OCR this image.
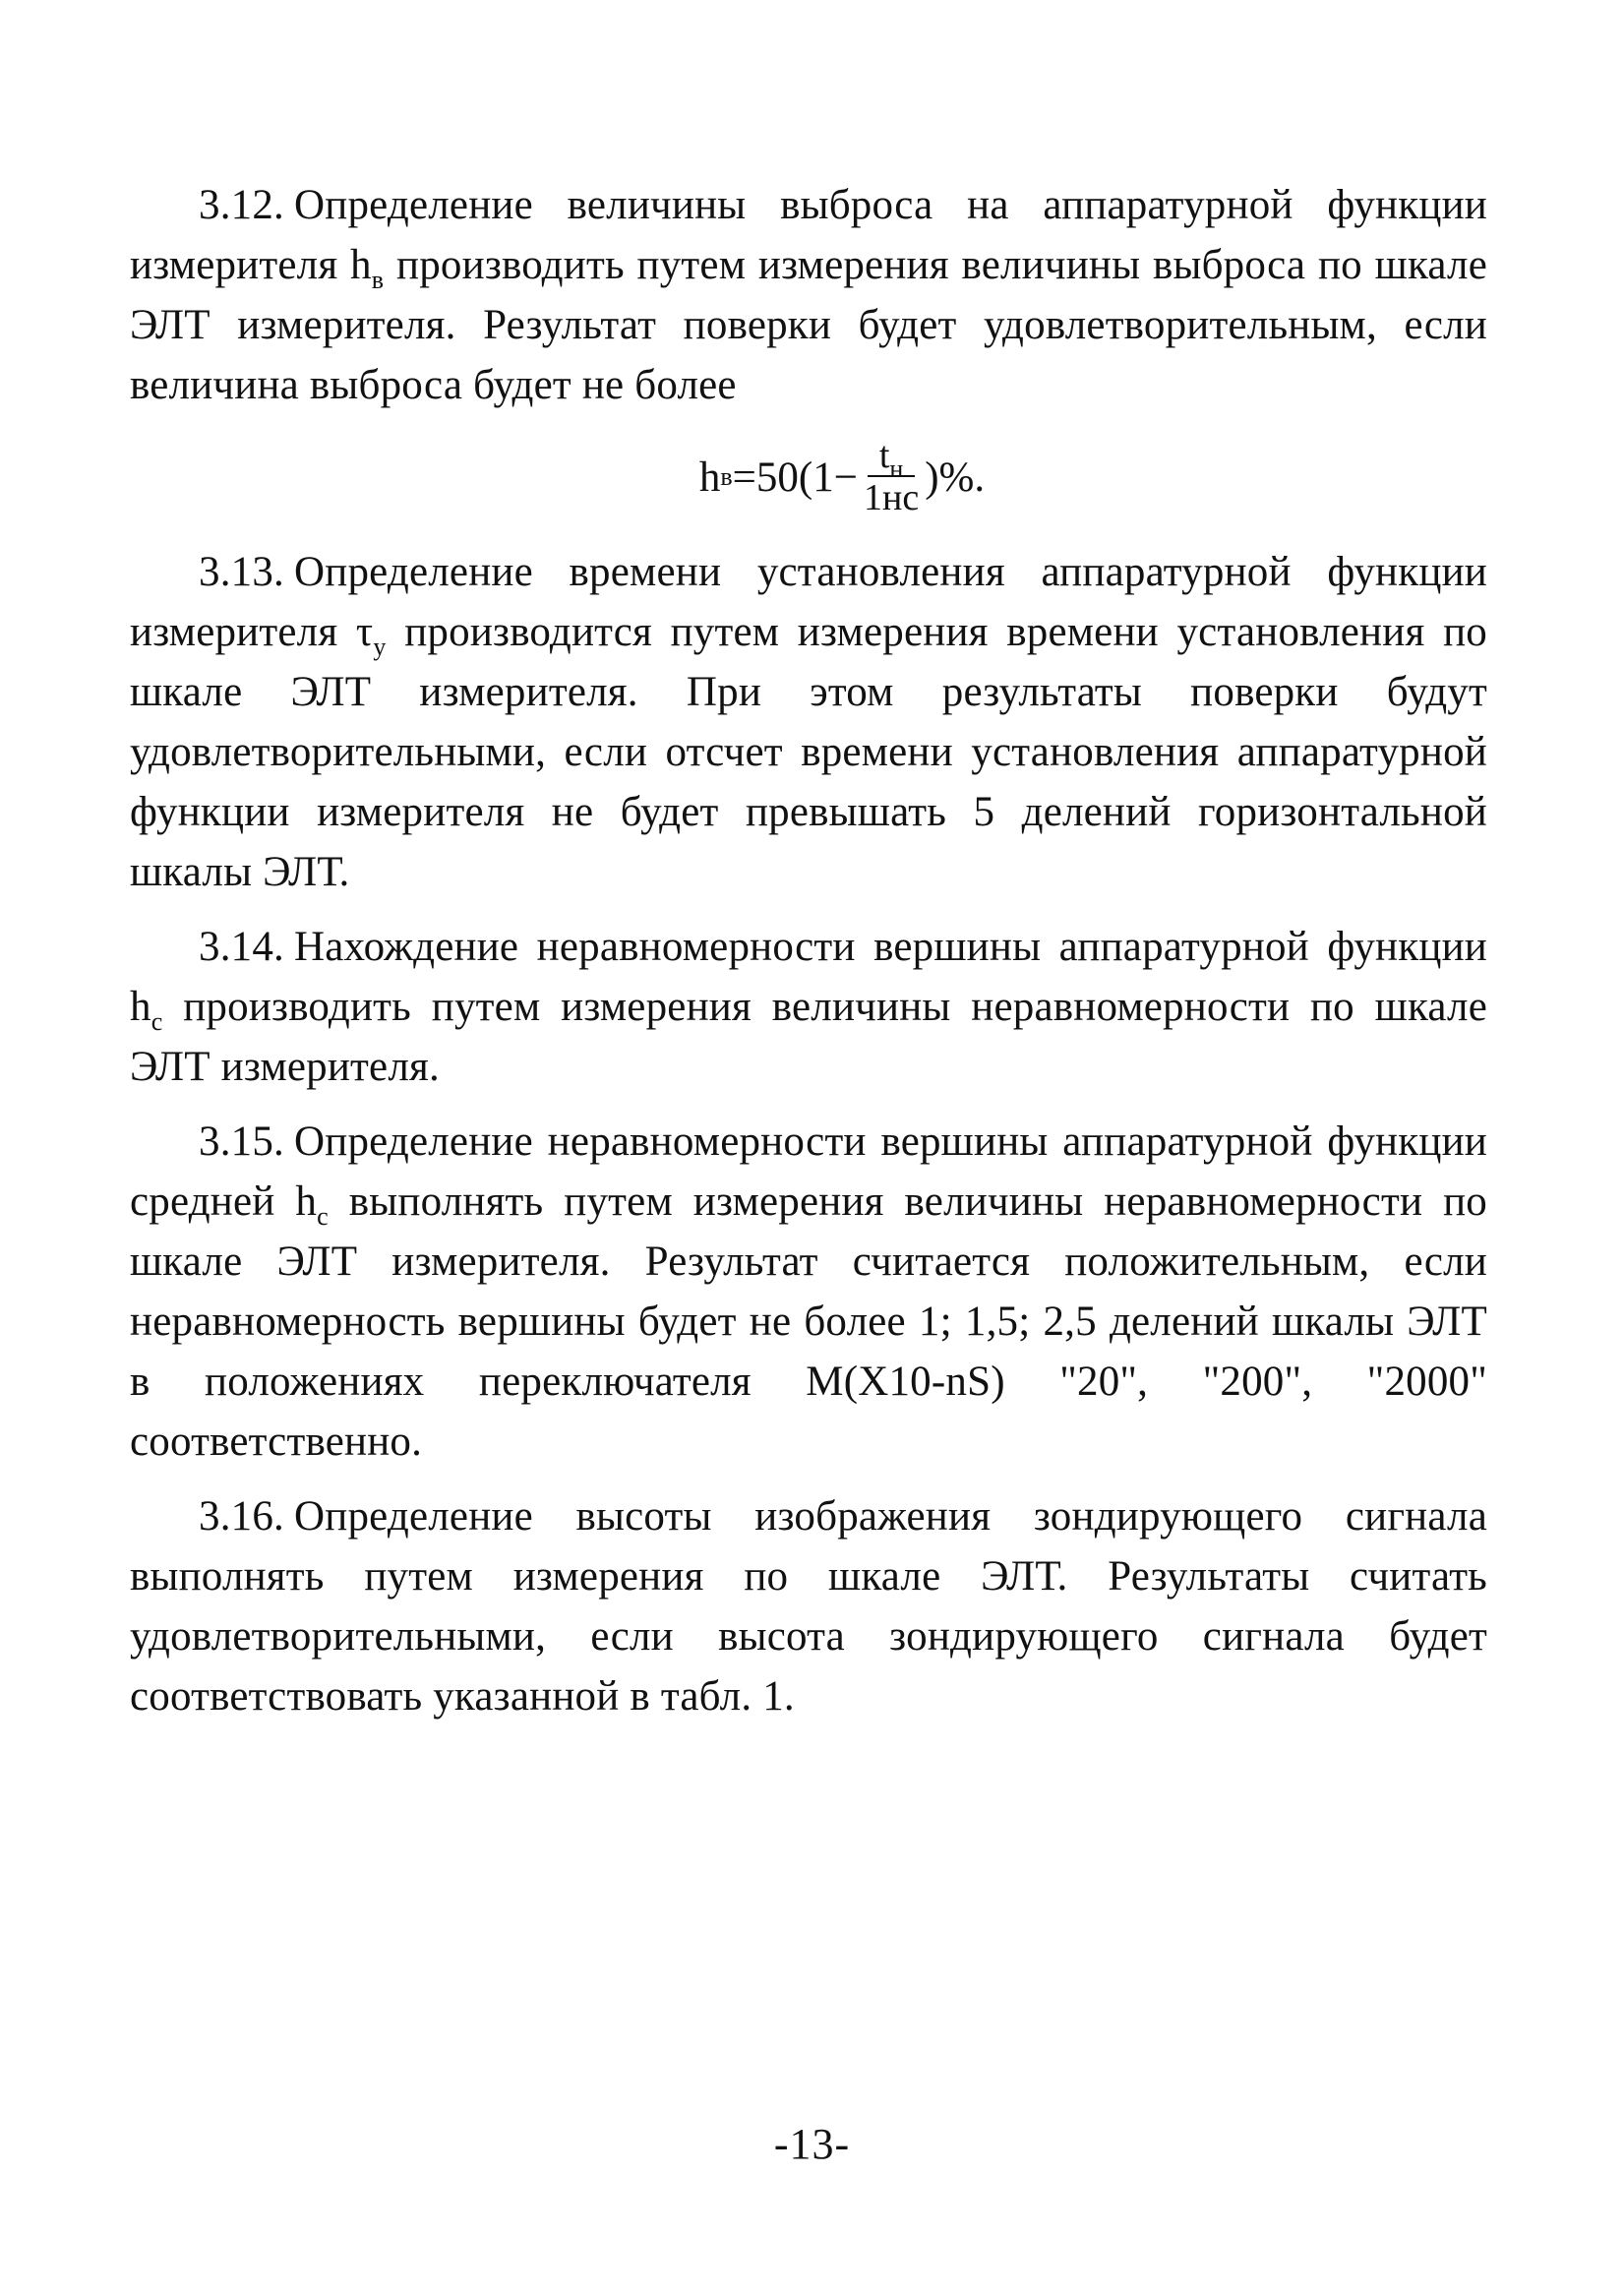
3.12. Определение величины выброса на аппаратурной функции измерителя $h_в$ производить путем измерения величины выброса по шкале ЭЛТ измерителя. Результат поверки будет удовлетворительным, если величина выброса будет не более

h $в =50(1- \frac{t_н}{1нс}$ )%.

3.13. Определение времени установления аппаратурной функции измерителя $\tau_у$ производится путем измерения времени установления по шкале ЭЛТ измерителя. При этом результаты поверки будут удовлетворительными, если отсчет времени установления аппаратурной функции измерителя не будет превышать 5 делений горизонтальной шкалы ЭЛТ.

3.14. Нахождение неравномерности вершины аппаратурной функции $h_c$ производить путем измерения величины неравномерности по шкале ЭЛТ измерителя.

3.15. Определение неравномерности вершины аппаратурной функции средней $h_c$ выполнять путем измерения величины неравномерности по шкале ЭЛТ измерителя. Результат считается положительным, если неравномерность вершины будет не более 1; 1,5; 2,5 делений шкалы ЭЛТ в положениях переключателя M(X10-nS) "20", "200", "2000" соответственно.

3.16. Определение высоты изображения зондирующего сигнала выполнять путем измерения по шкале ЭЛТ. Результаты считать удовлетворительными, если высота зондирующего сигнала будет соответствовать указанной в табл. 1.

-13-
